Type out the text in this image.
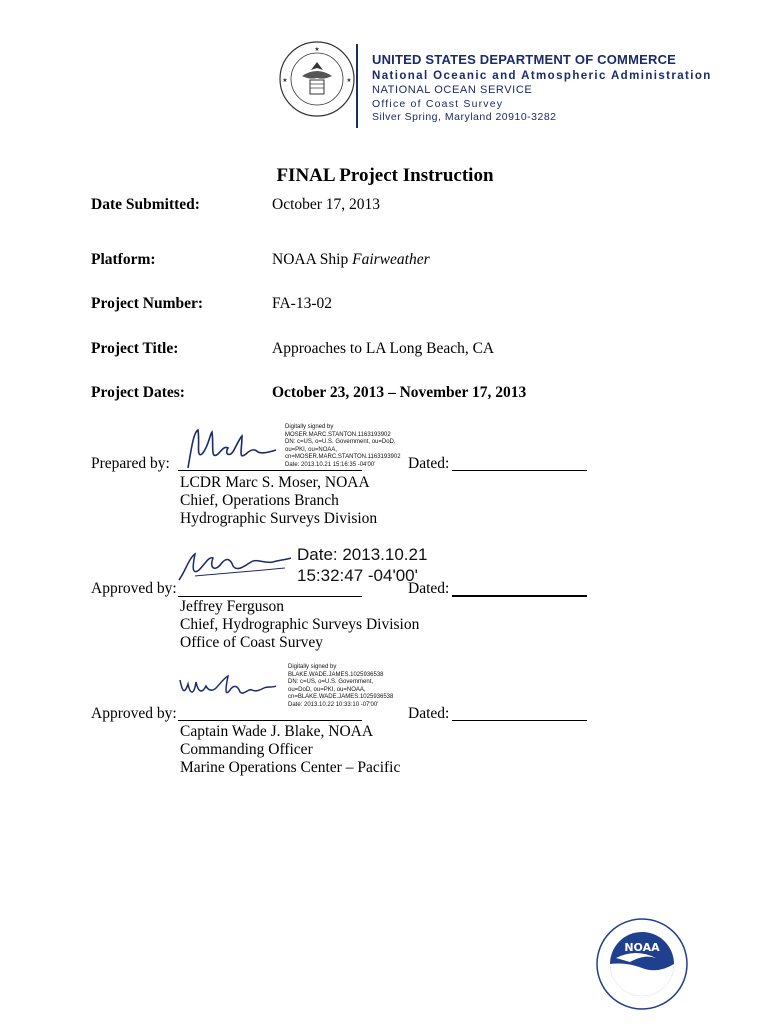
★
★	★
UNITED STATES DEPARTMENT OF COMMERCE
National Oceanic and Atmospheric Administration
NATIONAL OCEAN SERVICE
Office of Coast Survey
Silver Spring, Maryland 20910-3282
FINAL Project Instruction
Date Submitted:	October 17, 2013
Platform:	NOAA Ship Fairweather
Project Number:	FA-13-02
Project Title:	Approaches to LA Long Beach, CA
Project Dates:	October 23, 2013 – November 17, 2013
Digitally signed by
MOSER.MARC.STANTON.1163193902
DN: c=US, o=U.S. Government, ou=DoD,
ou=PKI, ou=NOAA,
cn=MOSER.MARC.STANTON.1163193902
Date: 2013.10.21 15:16:35 -04'00'
Prepared by:	Dated:
LCDR Marc S. Moser, NOAA
Chief, Operations Branch
Hydrographic Surveys Division
Date: 2013.10.21
15:32:47 -04'00'
Approved by:	Dated:
Jeffrey Ferguson
Chief, Hydrographic Surveys Division
Office of Coast Survey
Digitally signed by
BLAKE.WADE.JAMES.1025936538
DN: c=US, o=U.S. Government,
ou=DoD, ou=PKI, ou=NOAA,
cn=BLAKE.WADE.JAMES.1025936538
Date: 2013.10.22 10:33:10 -07'00'
Approved by:	Dated:
Captain Wade J. Blake, NOAA
Commanding Officer
Marine Operations Center – Pacific
NOAA
